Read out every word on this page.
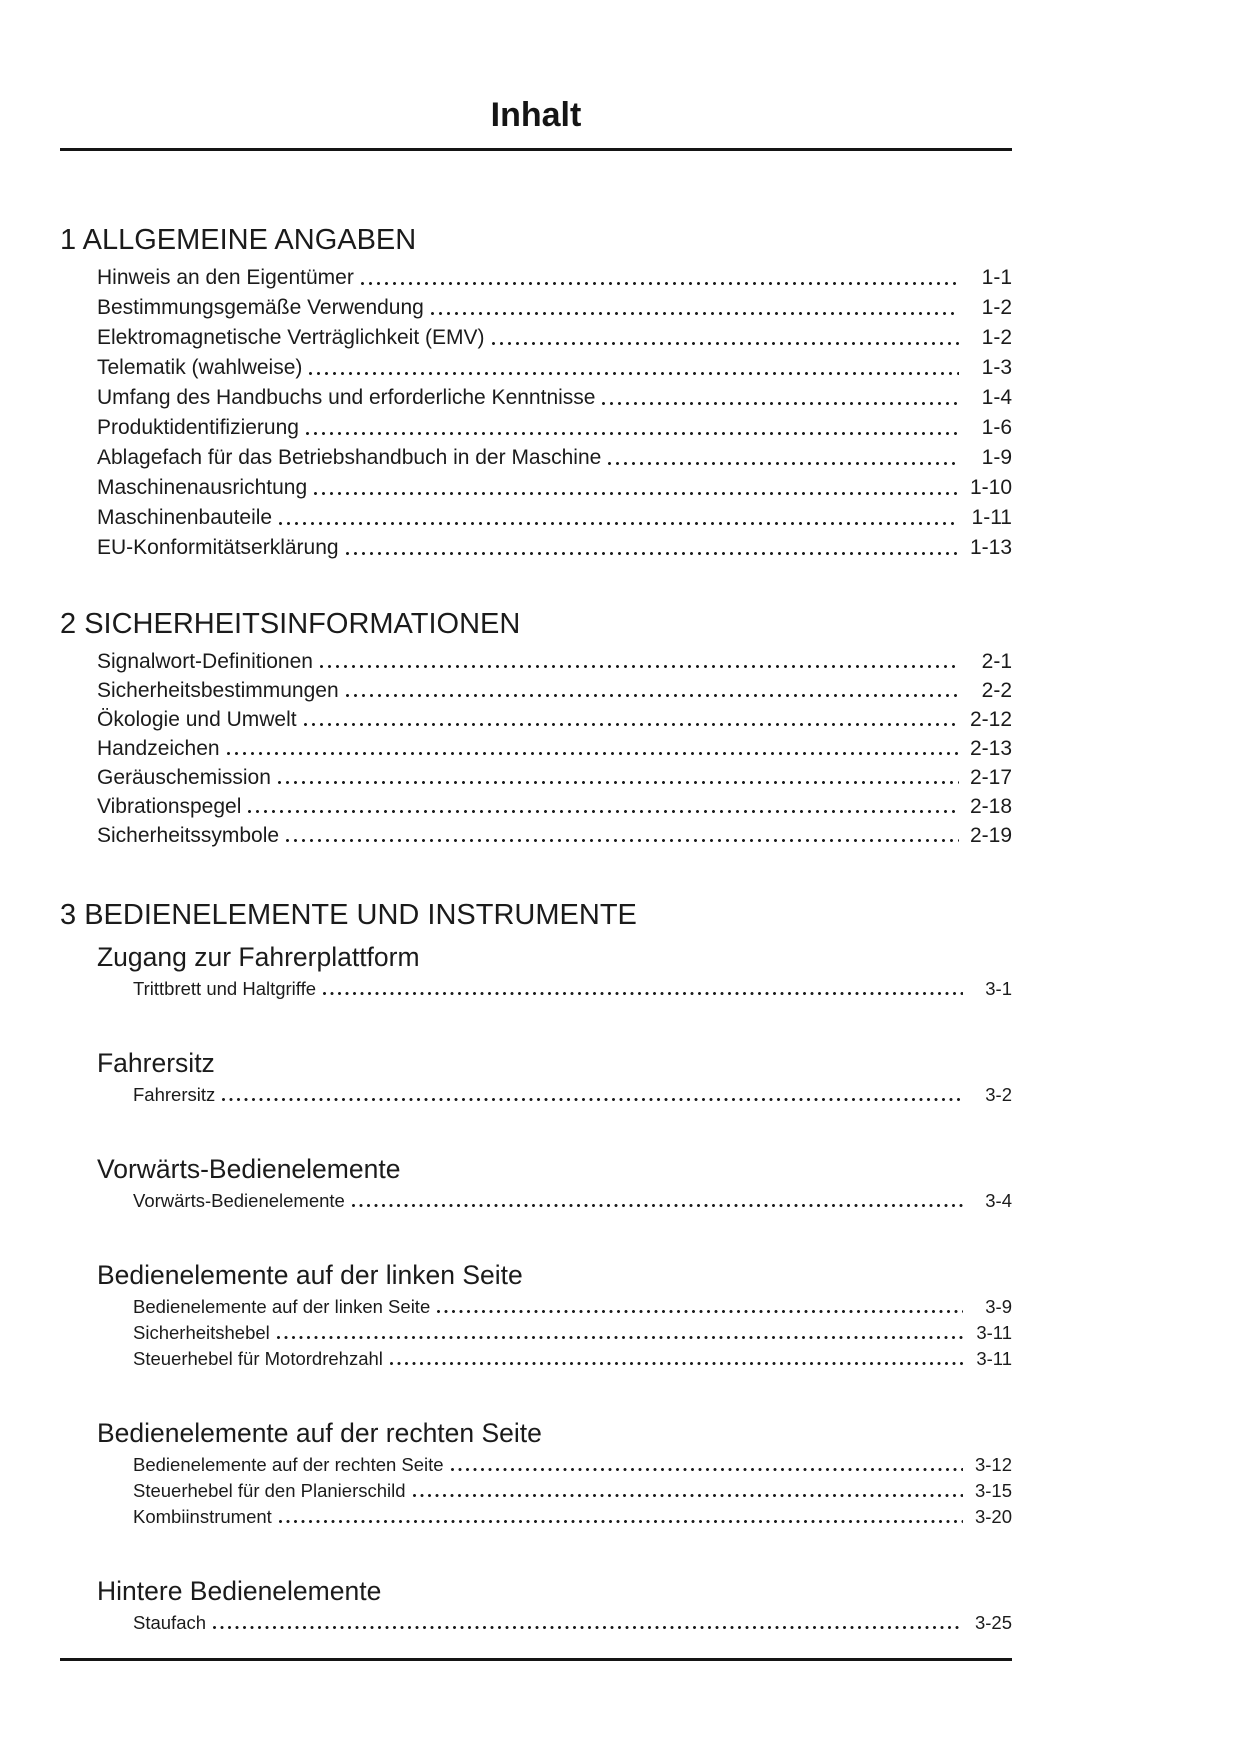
Inhalt
1 ALLGEMEINE ANGABEN
Hinweis an den Eigentümer	1-1
Bestimmungsgemäße Verwendung	1-2
Elektromagnetische Verträglichkeit (EMV)	1-2
Telematik (wahlweise)	1-3
Umfang des Handbuchs und erforderliche Kenntnisse	1-4
Produktidentifizierung	1-6
Ablagefach für das Betriebshandbuch in der Maschine	1-9
Maschinenausrichtung	1-10
Maschinenbauteile	1-11
EU-Konformitätserklärung	1-13
2 SICHERHEITSINFORMATIONEN
Signalwort-Definitionen	2-1
Sicherheitsbestimmungen	2-2
Ökologie und Umwelt	2-12
Handzeichen	2-13
Geräuschemission	2-17
Vibrationspegel	2-18
Sicherheitssymbole	2-19
3 BEDIENELEMENTE UND INSTRUMENTE
Zugang zur Fahrerplattform
Trittbrett und Haltgriffe	3-1
Fahrersitz
Fahrersitz	3-2
Vorwärts-Bedienelemente
Vorwärts-Bedienelemente	3-4
Bedienelemente auf der linken Seite
Bedienelemente auf der linken Seite	3-9
Sicherheitshebel	3-11
Steuerhebel für Motordrehzahl	3-11
Bedienelemente auf der rechten Seite
Bedienelemente auf der rechten Seite	3-12
Steuerhebel für den Planierschild	3-15
Kombiinstrument	3-20
Hintere Bedienelemente
Staufach	3-25
